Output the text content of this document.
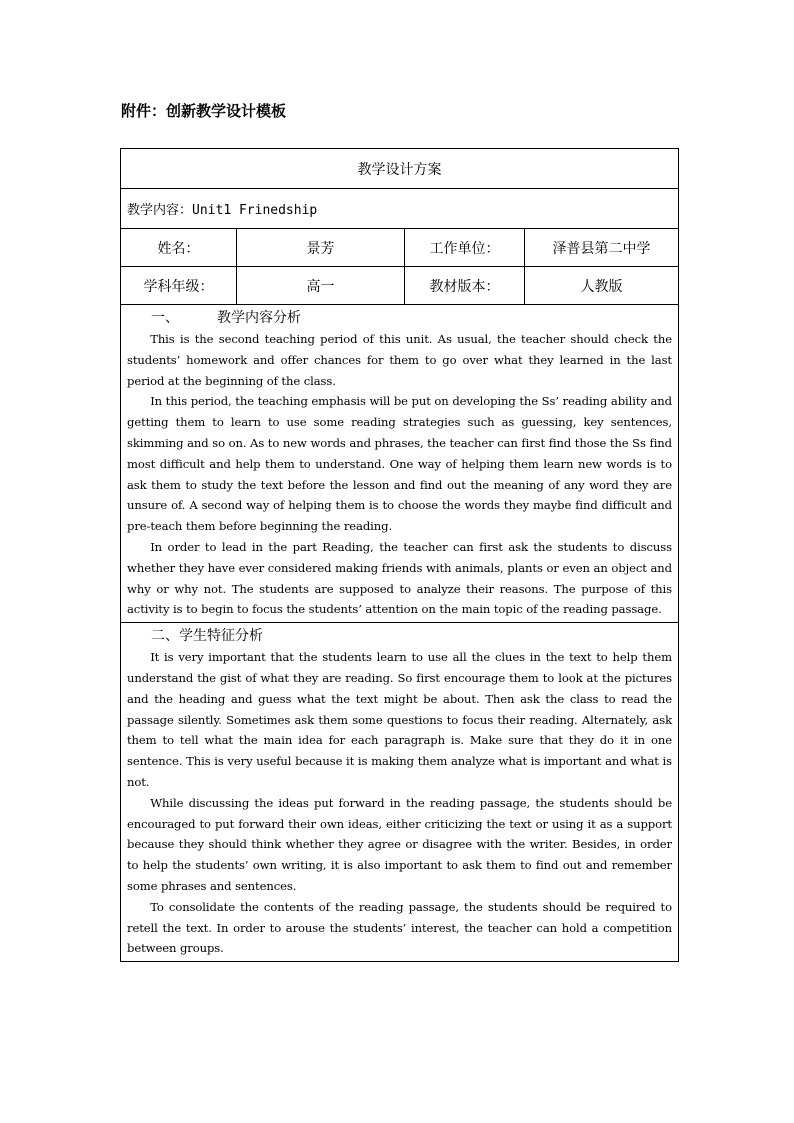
附件：创新教学设计模板
教学设计方案			
教学内容：Unit1 Frinedship			
姓名：	景芳	工作单位：	泽普县第二中学
学科年级：	高一	教材版本：	人教版

一、 教学内容分析

This is the second teaching period of this unit. As usual, the teacher should check the students’ homework and offer chances for them to go over what they learned in the last period at the beginning of the class.

In this period, the teaching emphasis will be put on developing the Ss’ reading ability and getting them to learn to use some reading strategies such as guessing, key sentences, skimming and so on. As to new words and phrases, the teacher can first find those the Ss find most difficult and help them to understand. One way of helping them learn new words is to ask them to study the text before the lesson and find out the meaning of any word they are unsure of. A second way of helping them is to choose the words they maybe find difficult and pre-teach them before beginning the reading.

In order to lead in the part Reading, the teacher can first ask the students to discuss whether they have ever considered making friends with animals, plants or even an object and why or why not. The students are supposed to analyze their reasons. The purpose of this activity is to begin to focus the students’ attention on the main topic of the reading passage.			

二、学生特征分析

It is very important that the students learn to use all the clues in the text to help them understand the gist of what they are reading. So first encourage them to look at the pictures and the heading and guess what the text might be about. Then ask the class to read the passage silently. Sometimes ask them some questions to focus their reading. Alternately, ask them to tell what the main idea for each paragraph is. Make sure that they do it in one sentence. This is very useful because it is making them analyze what is important and what is not.

While discussing the ideas put forward in the reading passage, the students should be encouraged to put forward their own ideas, either criticizing the text or using it as a support because they should think whether they agree or disagree with the writer. Besides, in order to help the students’ own writing, it is also important to ask them to find out and remember some phrases and sentences.

To consolidate the contents of the reading passage, the students should be required to retell the text. In order to arouse the students’ interest, the teacher can hold a competition between groups.			
